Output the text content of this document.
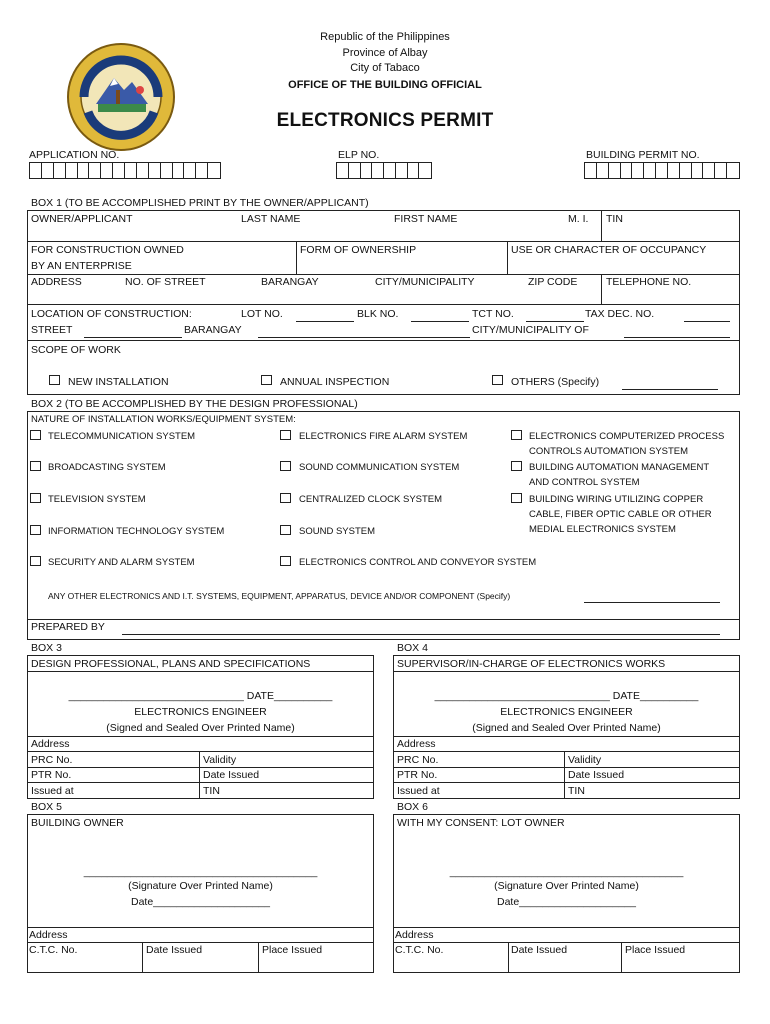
Republic of the Philippines
Province of Albay
City of Tabaco
OFFICE OF THE BUILDING OFFICIAL
ELECTRONICS PERMIT
APPLICATION NO.	ELP NO.	BUILDING PERMIT NO.
BOX 1 (TO BE ACCOMPLISHED PRINT BY THE OWNER/APPLICANT)
OWNER/APPLICANT	LAST NAME	FIRST NAME	M. I. TIN
FOR CONSTRUCTION OWNED
BY AN ENTERPRISE
FORM OF OWNERSHIP	USE OR CHARACTER OF OCCUPANCY
ADDRESS	NO. OF STREET	BARANGAY	CITY/MUNICIPALITY	ZIP CODE	TELEPHONE NO.
LOCATION OF CONSTRUCTION:	LOT NO.	BLK NO.	TCT NO.	TAX DEC. NO.
STREET	BARANGAY	CITY/MUNICIPALITY OF
SCOPE OF WORK
NEW INSTALLATION	ANNUAL INSPECTION	OTHERS (Specify)
BOX 2 (TO BE ACCOMPLISHED BY THE DESIGN PROFESSIONAL)
NATURE OF INSTALLATION WORKS/EQUIPMENT SYSTEM:
TELECOMMUNICATION SYSTEM
BROADCASTING SYSTEM
TELEVISION SYSTEM
INFORMATION TECHNOLOGY SYSTEM
SECURITY AND ALARM SYSTEM
ELECTRONICS FIRE ALARM SYSTEM
SOUND COMMUNICATION SYSTEM
CENTRALIZED CLOCK SYSTEM
SOUND SYSTEM
ELECTRONICS CONTROL AND CONVEYOR SYSTEM
ELECTRONICS COMPUTERIZED PROCESS
CONTROLS AUTOMATION SYSTEM
BUILDING AUTOMATION MANAGEMENT
AND CONTROL SYSTEM
BUILDING WIRING UTILIZING COPPER
CABLE, FIBER OPTIC CABLE OR OTHER
MEDIAL ELECTRONICS SYSTEM
ANY OTHER ELECTRONICS AND I.T. SYSTEMS, EQUIPMENT, APPARATUS, DEVICE AND/OR COMPONENT (Specify)
PREPARED BY
BOX 3
DESIGN PROFESSIONAL, PLANS AND SPECIFICATIONS
______________________________ DATE__________
ELECTRONICS ENGINEER
(Signed and Sealed Over Printed Name)
Address
PRC No.	Validity
PTR No.	Date Issued
Issued at	TIN
BOX 4
SUPERVISOR/IN-CHARGE OF ELECTRONICS WORKS
______________________________ DATE__________
ELECTRONICS ENGINEER
(Signed and Sealed Over Printed Name)
Address
PRC No.	Validity
PTR No.	Date Issued
Issued at	TIN
BOX 5
BUILDING OWNER
________________________________________
(Signature Over Printed Name)
Date____________________
Address
C.T.C. No.	Date Issued	Place Issued
BOX 6
WITH MY CONSENT: LOT OWNER
________________________________________
(Signature Over Printed Name)
Date____________________
Address
C.T.C. No.	Date Issued	Place Issued
